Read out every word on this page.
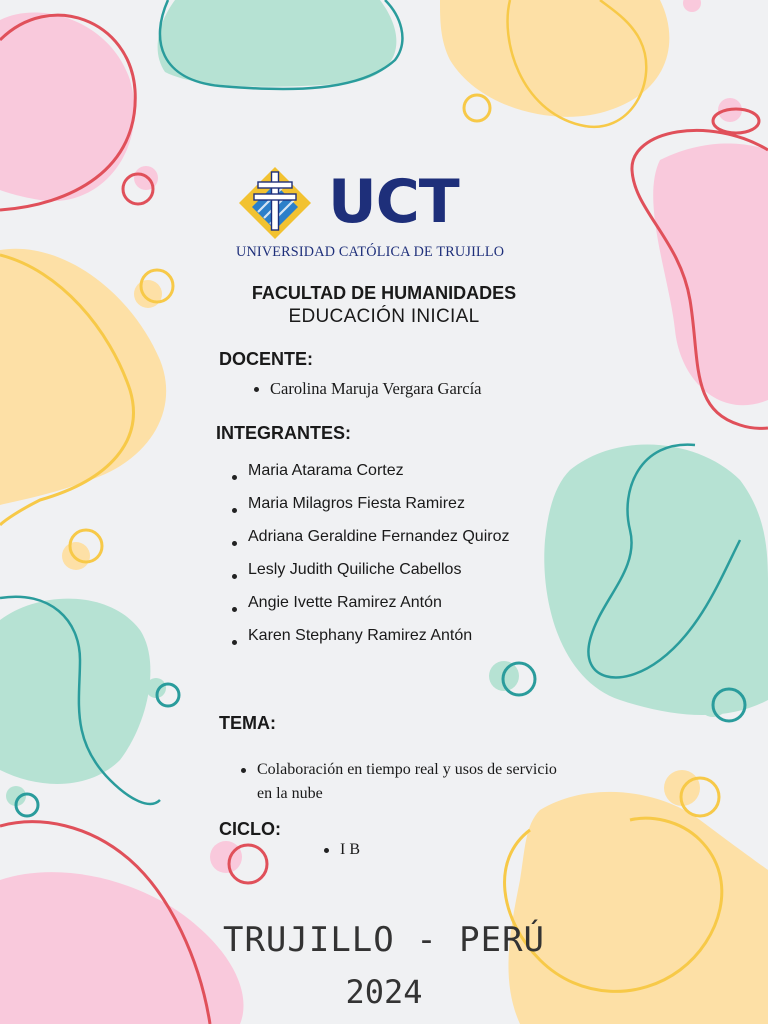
UCT
UNIVERSIDAD CATÓLICA DE TRUJILLO
FACULTAD DE HUMANIDADES
EDUCACIÓN INICIAL
DOCENTE:
Carolina Maruja Vergara García
INTEGRANTES:
Maria Atarama Cortez
Maria Milagros Fiesta Ramirez
Adriana Geraldine Fernandez Quiroz
Lesly Judith Quiliche Cabellos
Angie Ivette Ramirez Antón
Karen Stephany Ramirez Antón
TEMA:
Colaboración en tiempo real y usos de servicio en la nube
CICLO:
I B
TRUJILLO - PERÚ
2024
